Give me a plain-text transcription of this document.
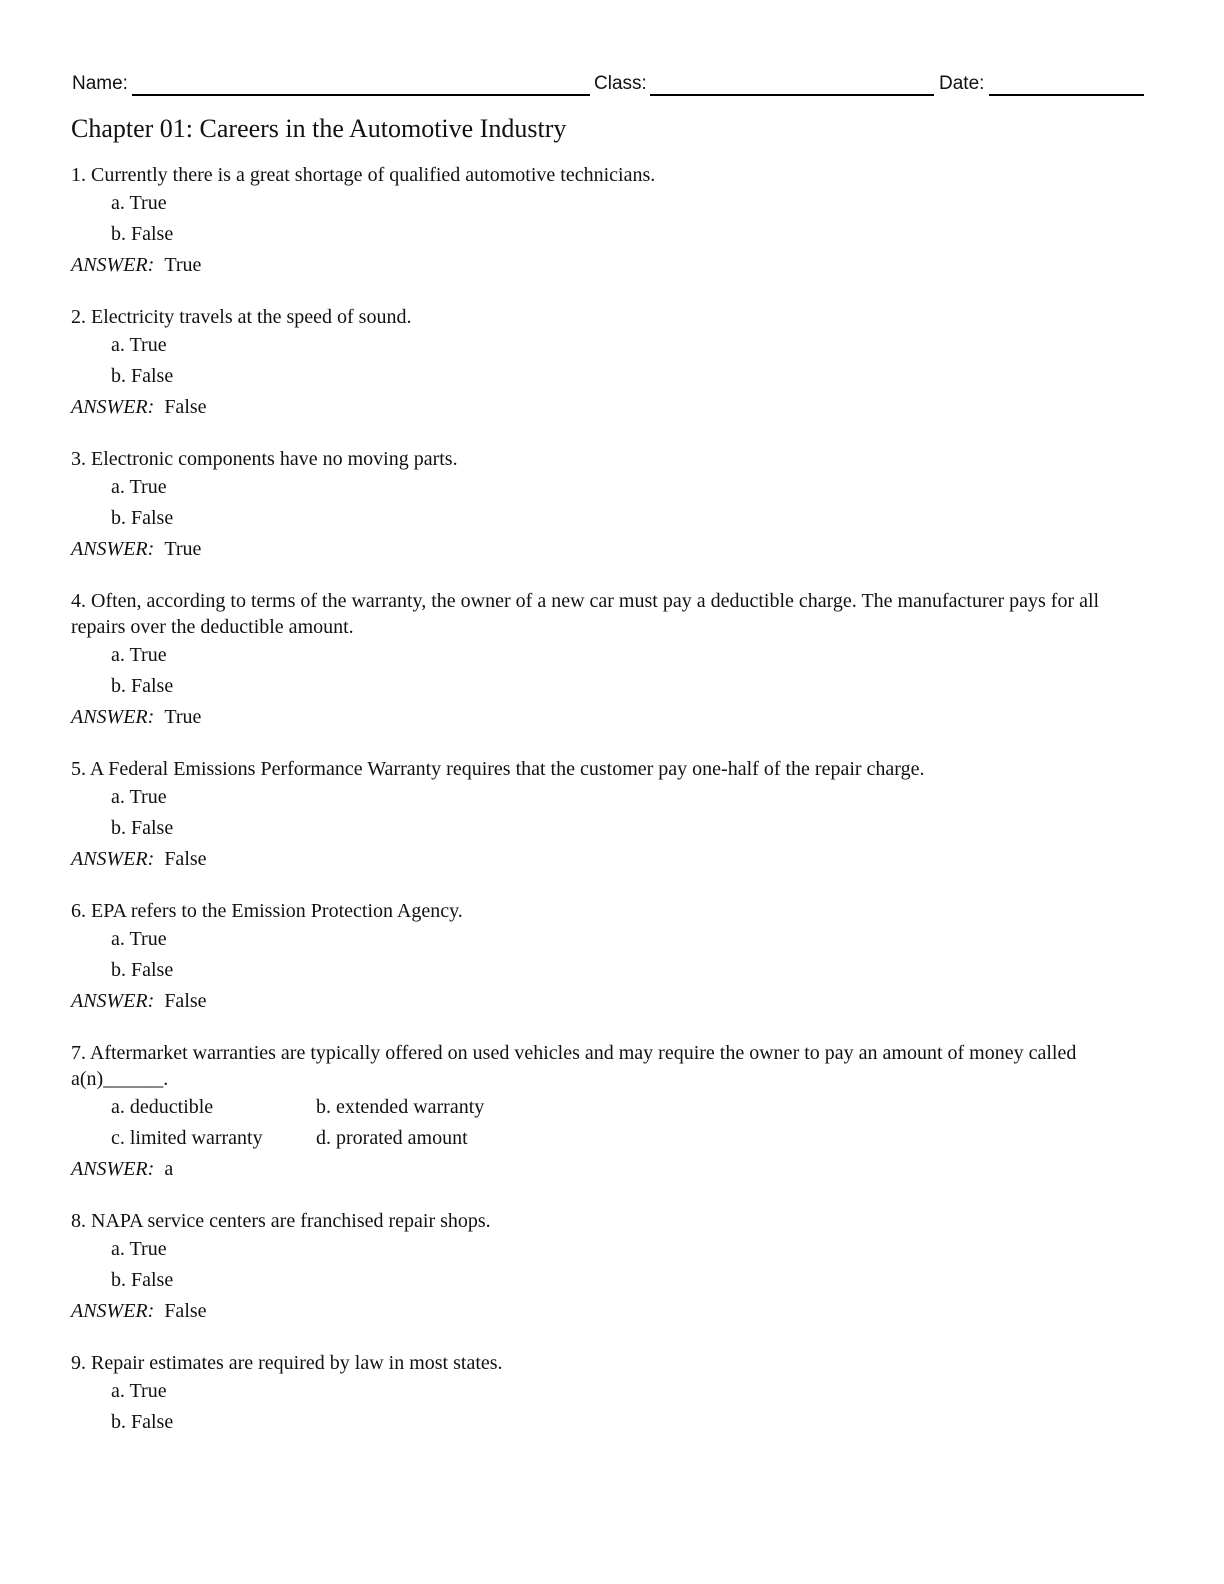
Name:	Class:	Date:
Chapter 01: Careers in the Automotive Industry
1. Currently there is a great shortage of qualified automotive technicians.
a. True
b. False
ANSWER: True
2. Electricity travels at the speed of sound.
a. True
b. False
ANSWER: False
3. Electronic components have no moving parts.
a. True
b. False
ANSWER: True
4. Often, according to terms of the warranty, the owner of a new car must pay a deductible charge. The manufacturer pays for all repairs over the deductible amount.
a. True
b. False
ANSWER: True
5. A Federal Emissions Performance Warranty requires that the customer pay one-half of the repair charge.
a. True
b. False
ANSWER: False
6. EPA refers to the Emission Protection Agency.
a. True
b. False
ANSWER: False
7. Aftermarket warranties are typically offered on used vehicles and may require the owner to pay an amount of money called a(n)______.
a. deductible	b. extended warranty
c. limited warranty	d. prorated amount
ANSWER: a
8. NAPA service centers are franchised repair shops.
a. True
b. False
ANSWER: False
9. Repair estimates are required by law in most states.
a. True
b. False
